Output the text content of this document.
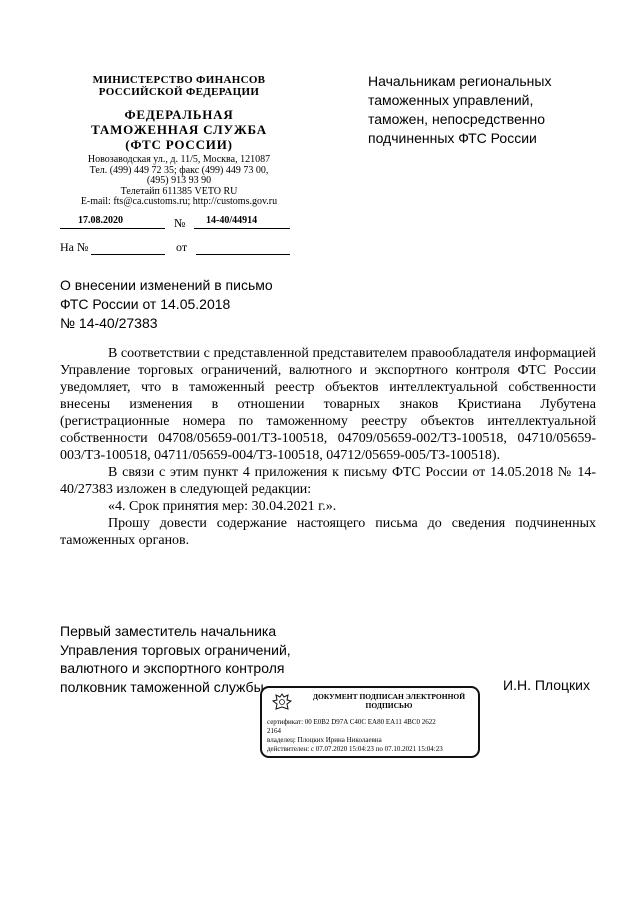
МИНИСТЕРСТВО ФИНАНСОВ
РОССИЙСКОЙ ФЕДЕРАЦИИ
ФЕДЕРАЛЬНАЯ
ТАМОЖЕННАЯ СЛУЖБА
(ФТС РОССИИ)
Новозаводская ул., д. 11/5, Москва, 121087
Тел. (499) 449 72 35; факс (499) 449 73 00,
(495) 913 93 90
Телетайп 611385 VETO RU
E-mail: fts@ca.customs.ru; http://customs.gov.ru
17.08.2020	№ 14-40/44914
На №	от
Начальникам региональных
таможенных управлений,
таможен, непосредственно
подчиненных ФТС России
О внесении изменений в письмо
ФТС России от 14.05.2018
№ 14-40/27383

В соответствии с представленной представителем правообладателя информацией Управление торговых ограничений, валютного и экспортного контроля ФТС России уведомляет, что в таможенный реестр объектов интеллектуальной собственности внесены изменения в отношении товарных знаков Кристиана Лубутена (регистрационные номера по таможенному реестру объектов интеллектуальной собственности 04708/05659-001/ТЗ-100518, 04709/05659-002/ТЗ-100518, 04710/05659-003/ТЗ-100518, 04711/05659-004/ТЗ-100518, 04712/05659-005/ТЗ-100518).

В связи с этим пункт 4 приложения к письму ФТС России от 14.05.2018 № 14-40/27383 изложен в следующей редакции:

«4. Срок принятия мер: 30.04.2021 г.».

Прошу довести содержание настоящего письма до сведения подчиненных таможенных органов.

Первый заместитель начальника
Управления торговых ограничений,
валютного и экспортного контроля
полковник таможенной службы	И.Н. Плоцких
ДОКУМЕНТ ПОДПИСАН ЭЛЕКТРОННОЙ
ПОДПИСЬЮ
сертификат: 00 E0B2 D97A C40C EA80 EA11 4BC0 2622
2164
владелец: Плоцких Ирина Николаевна
действителен: с 07.07.2020 15:04:23 по 07.10.2021 15:04:23
